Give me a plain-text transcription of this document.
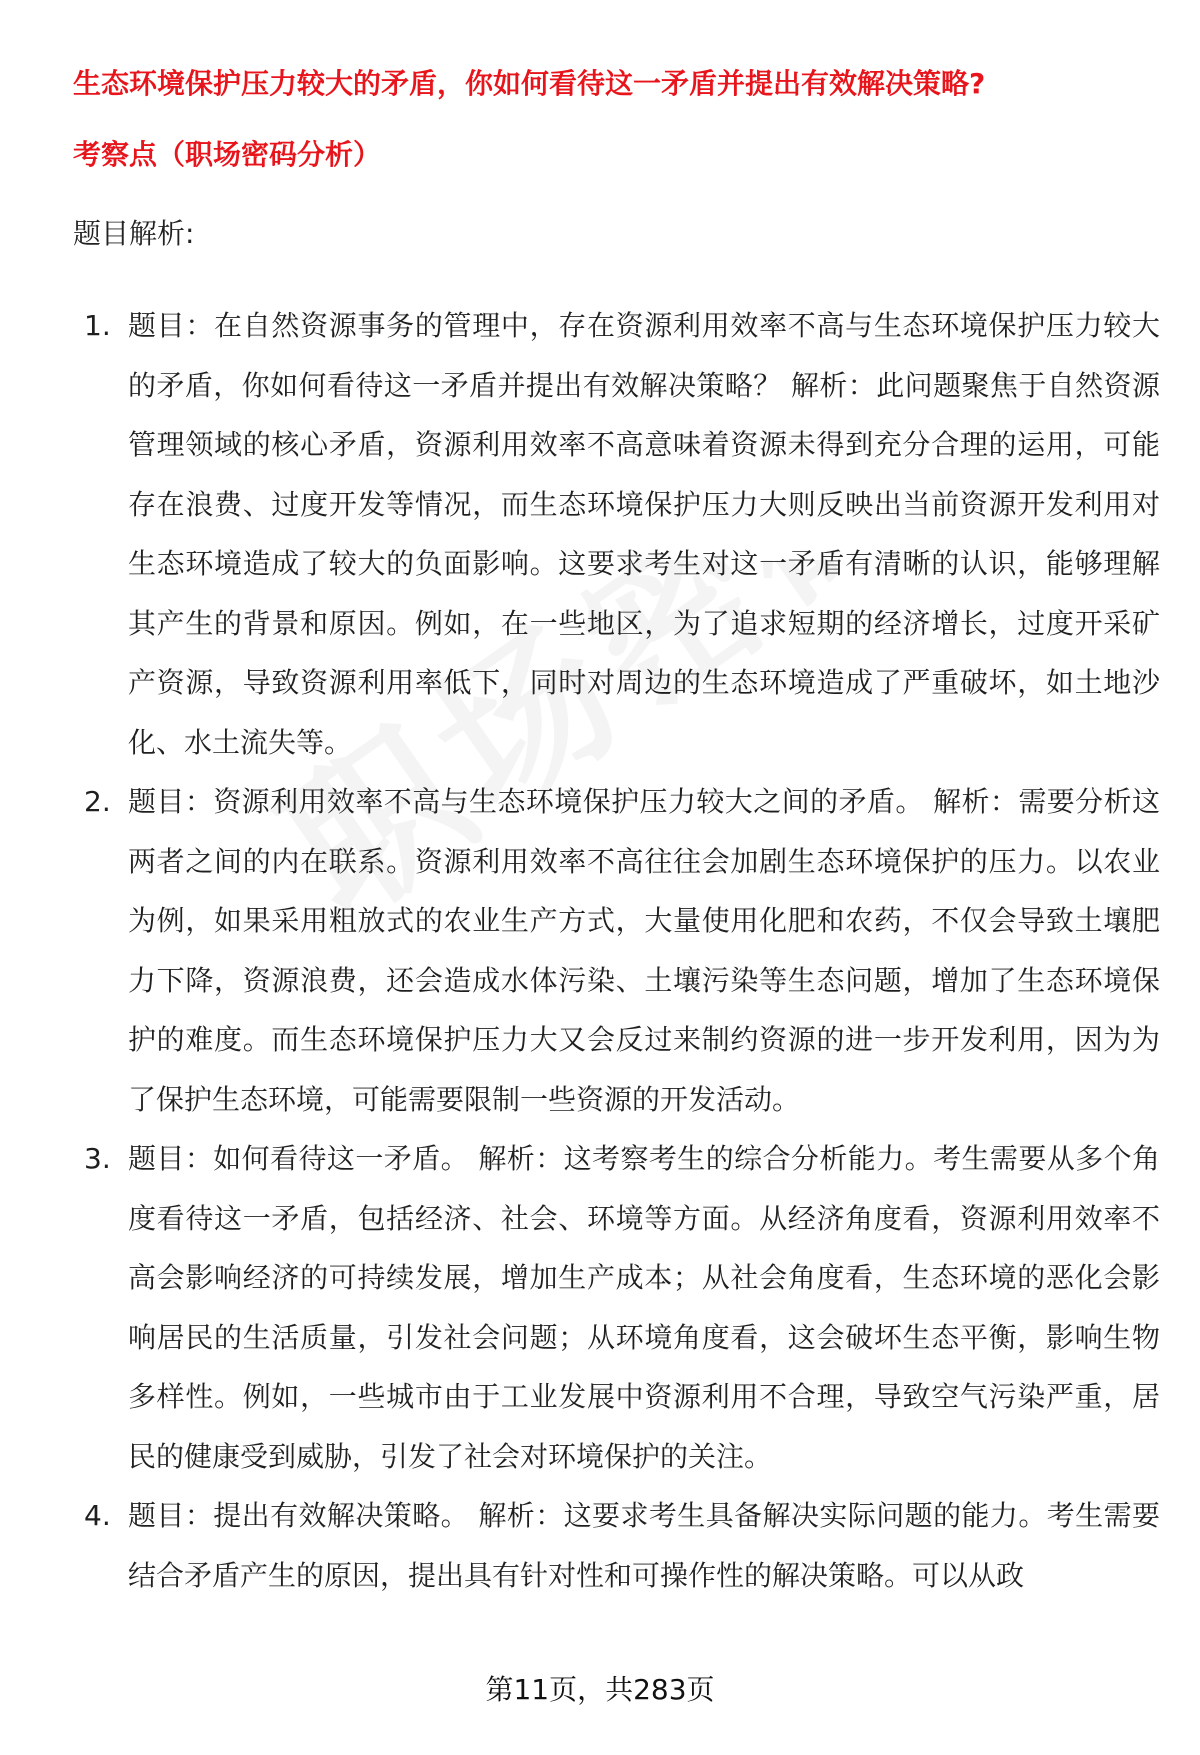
生态环境保护压力较大的矛盾，你如何看待这一矛盾并提出有效解决策略?
考察点（职场密码分析）
题目解析:
1. 题目：在自然资源事务的管理中，存在资源利用效率不高与生态环境保护压力较大的矛盾，你如何看待这一矛盾并提出有效解决策略？ 解析：此问题聚焦于自然资源管理领域的核心矛盾，资源利用效率不高意味着资源未得到充分合理的运用，可能存在浪费、过度开发等情况，而生态环境保护压力大则反映出当前资源开发利用对生态环境造成了较大的负面影响。这要求考生对这一矛盾有清晰的认识，能够理解其产生的背景和原因。例如，在一些地区，为了追求短期的经济增长，过度开采矿产资源，导致资源利用率低下，同时对周边的生态环境造成了严重破坏，如土地沙化、水土流失等。
2. 题目：资源利用效率不高与生态环境保护压力较大之间的矛盾。 解析：需要分析这两者之间的内在联系。资源利用效率不高往往会加剧生态环境保护的压力。以农业为例，如果采用粗放式的农业生产方式，大量使用化肥和农药，不仅会导致土壤肥力下降，资源浪费，还会造成水体污染、土壤污染等生态问题，增加了生态环境保护的难度。而生态环境保护压力大又会反过来制约资源的进一步开发利用，因为为了保护生态环境，可能需要限制一些资源的开发活动。
3. 题目：如何看待这一矛盾。 解析：这考察考生的综合分析能力。考生需要从多个角度看待这一矛盾，包括经济、社会、环境等方面。从经济角度看，资源利用效率不高会影响经济的可持续发展，增加生产成本；从社会角度看，生态环境的恶化会影响居民的生活质量，引发社会问题；从环境角度看，这会破坏生态平衡，影响生物多样性。例如，一些城市由于工业发展中资源利用不合理，导致空气污染严重，居民的健康受到威胁，引发了社会对环境保护的关注。
4. 题目：提出有效解决策略。 解析：这要求考生具备解决实际问题的能力。考生需要结合矛盾产生的原因，提出具有针对性和可操作性的解决策略。可以从政
第11页，共283页
